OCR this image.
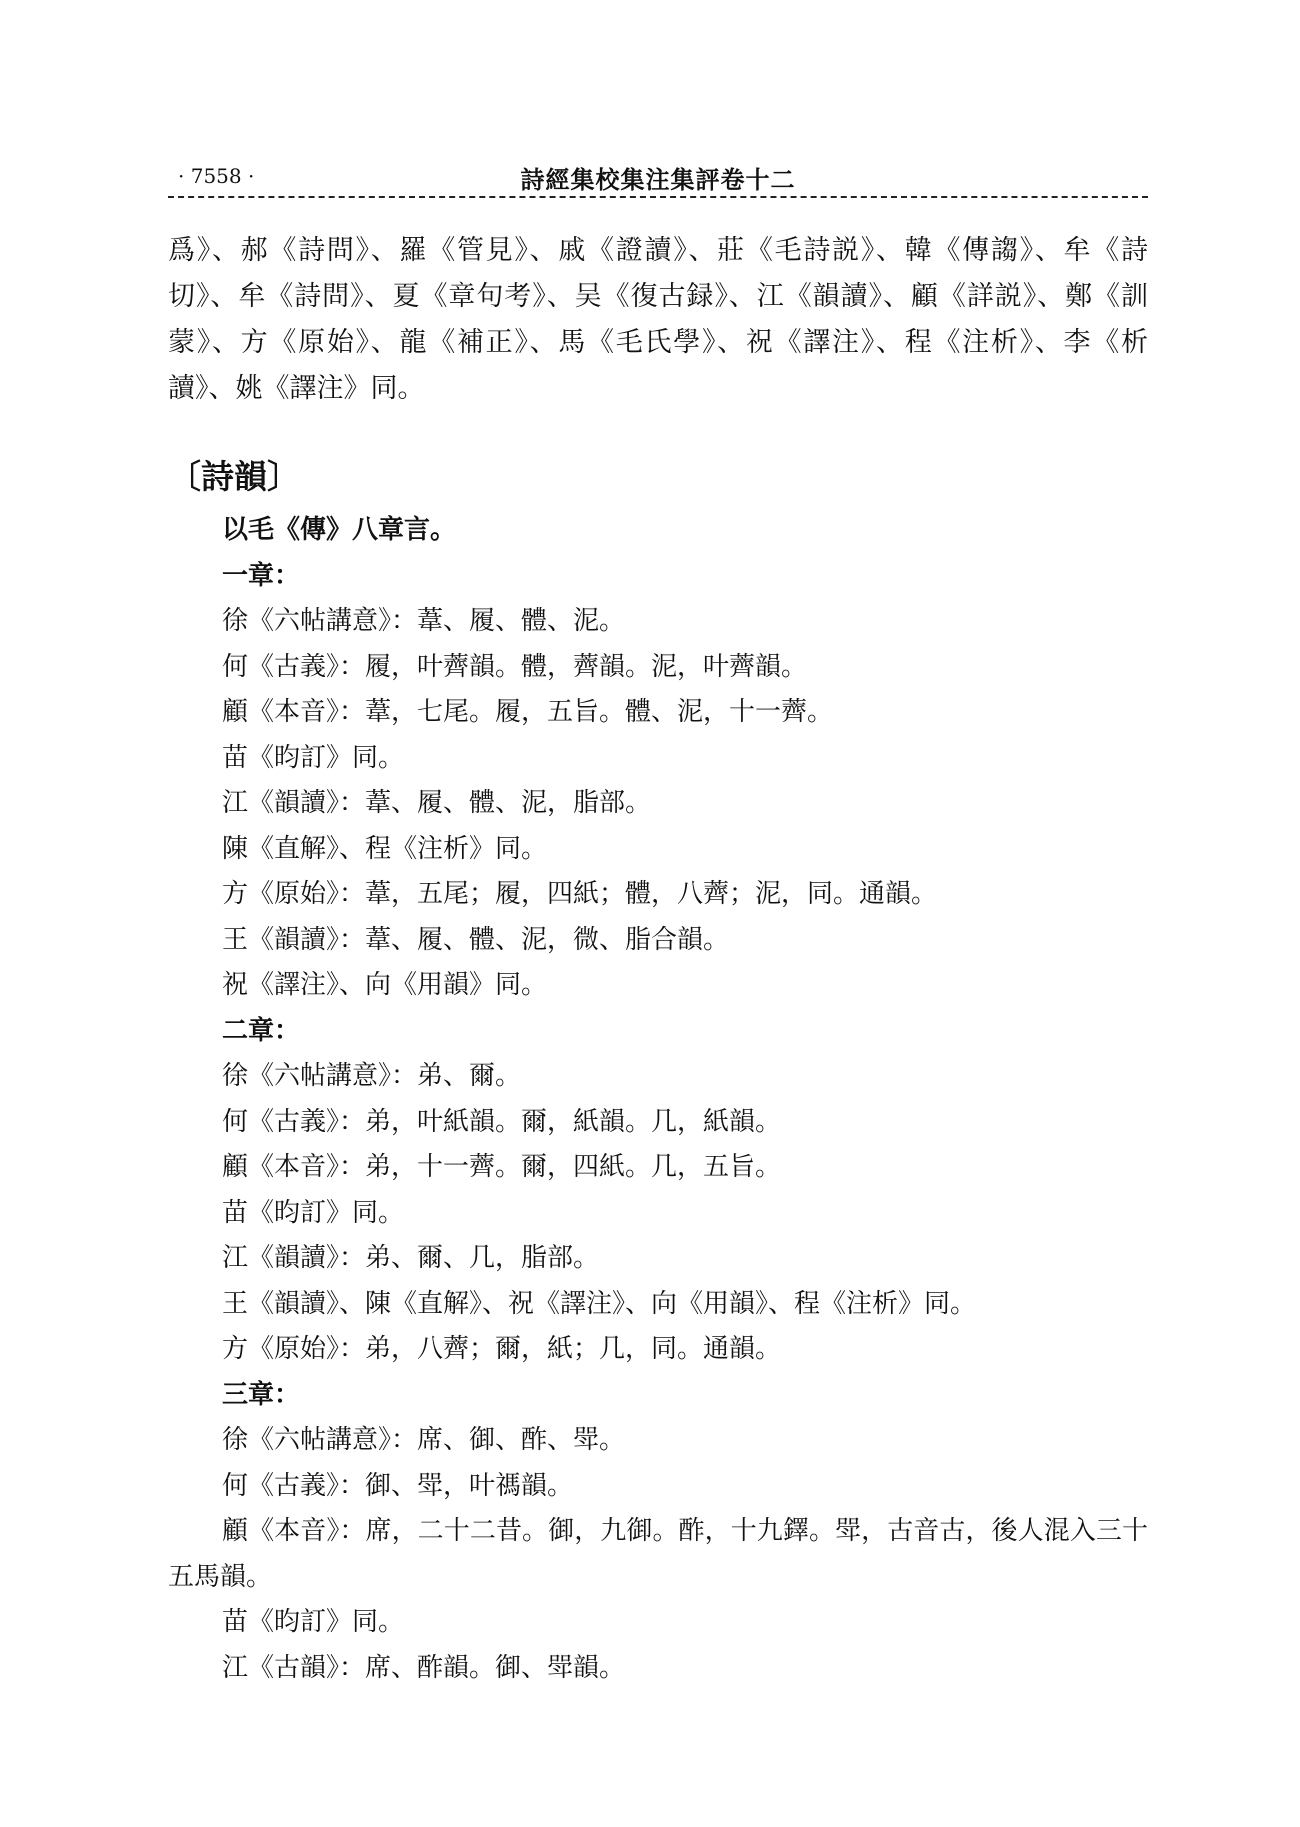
· 7558 ·	詩經集校集注集評卷十二

爲》、郝《詩問》、羅《管見》、戚《證讀》、莊《毛詩説》、韓《傳謅》、牟《詩切》、牟《詩問》、夏《章句考》、吴《復古録》、江《韻讀》、顧《詳説》、鄭《訓蒙》、方《原始》、龍《補正》、馬《毛氏學》、祝《譯注》、程《注析》、李《析讀》、姚《譯注》同。

〔詩韻〕

以毛《傳》八章言。

一章：

徐《六帖講意》：葦、履、體、泥。

何《古義》：履，叶薺韻。體，薺韻。泥，叶薺韻。

顧《本音》：葦，七尾。履，五旨。體、泥，十一薺。

苗《昀訂》同。

江《韻讀》：葦、履、體、泥，脂部。

陳《直解》、程《注析》同。

方《原始》：葦，五尾；履，四紙；體，八薺；泥，同。通韻。

王《韻讀》：葦、履、體、泥，微、脂合韻。

祝《譯注》、向《用韻》同。

二章：

徐《六帖講意》：弟、爾。

何《古義》：弟，叶紙韻。爾，紙韻。几，紙韻。

顧《本音》：弟，十一薺。爾，四紙。几，五旨。

苗《昀訂》同。

江《韻讀》：弟、爾、几，脂部。

王《韻讀》、陳《直解》、祝《譯注》、向《用韻》、程《注析》同。

方《原始》：弟，八薺；爾，紙；几，同。通韻。

三章：

徐《六帖講意》：席、御、酢、斝。

何《古義》：御、斝，叶禡韻。

顧《本音》：席，二十二昔。御，九御。酢，十九鐸。斝，古音古，後人混入三十五馬韻。

苗《昀訂》同。

江《古韻》：席、酢韻。御、斝韻。
